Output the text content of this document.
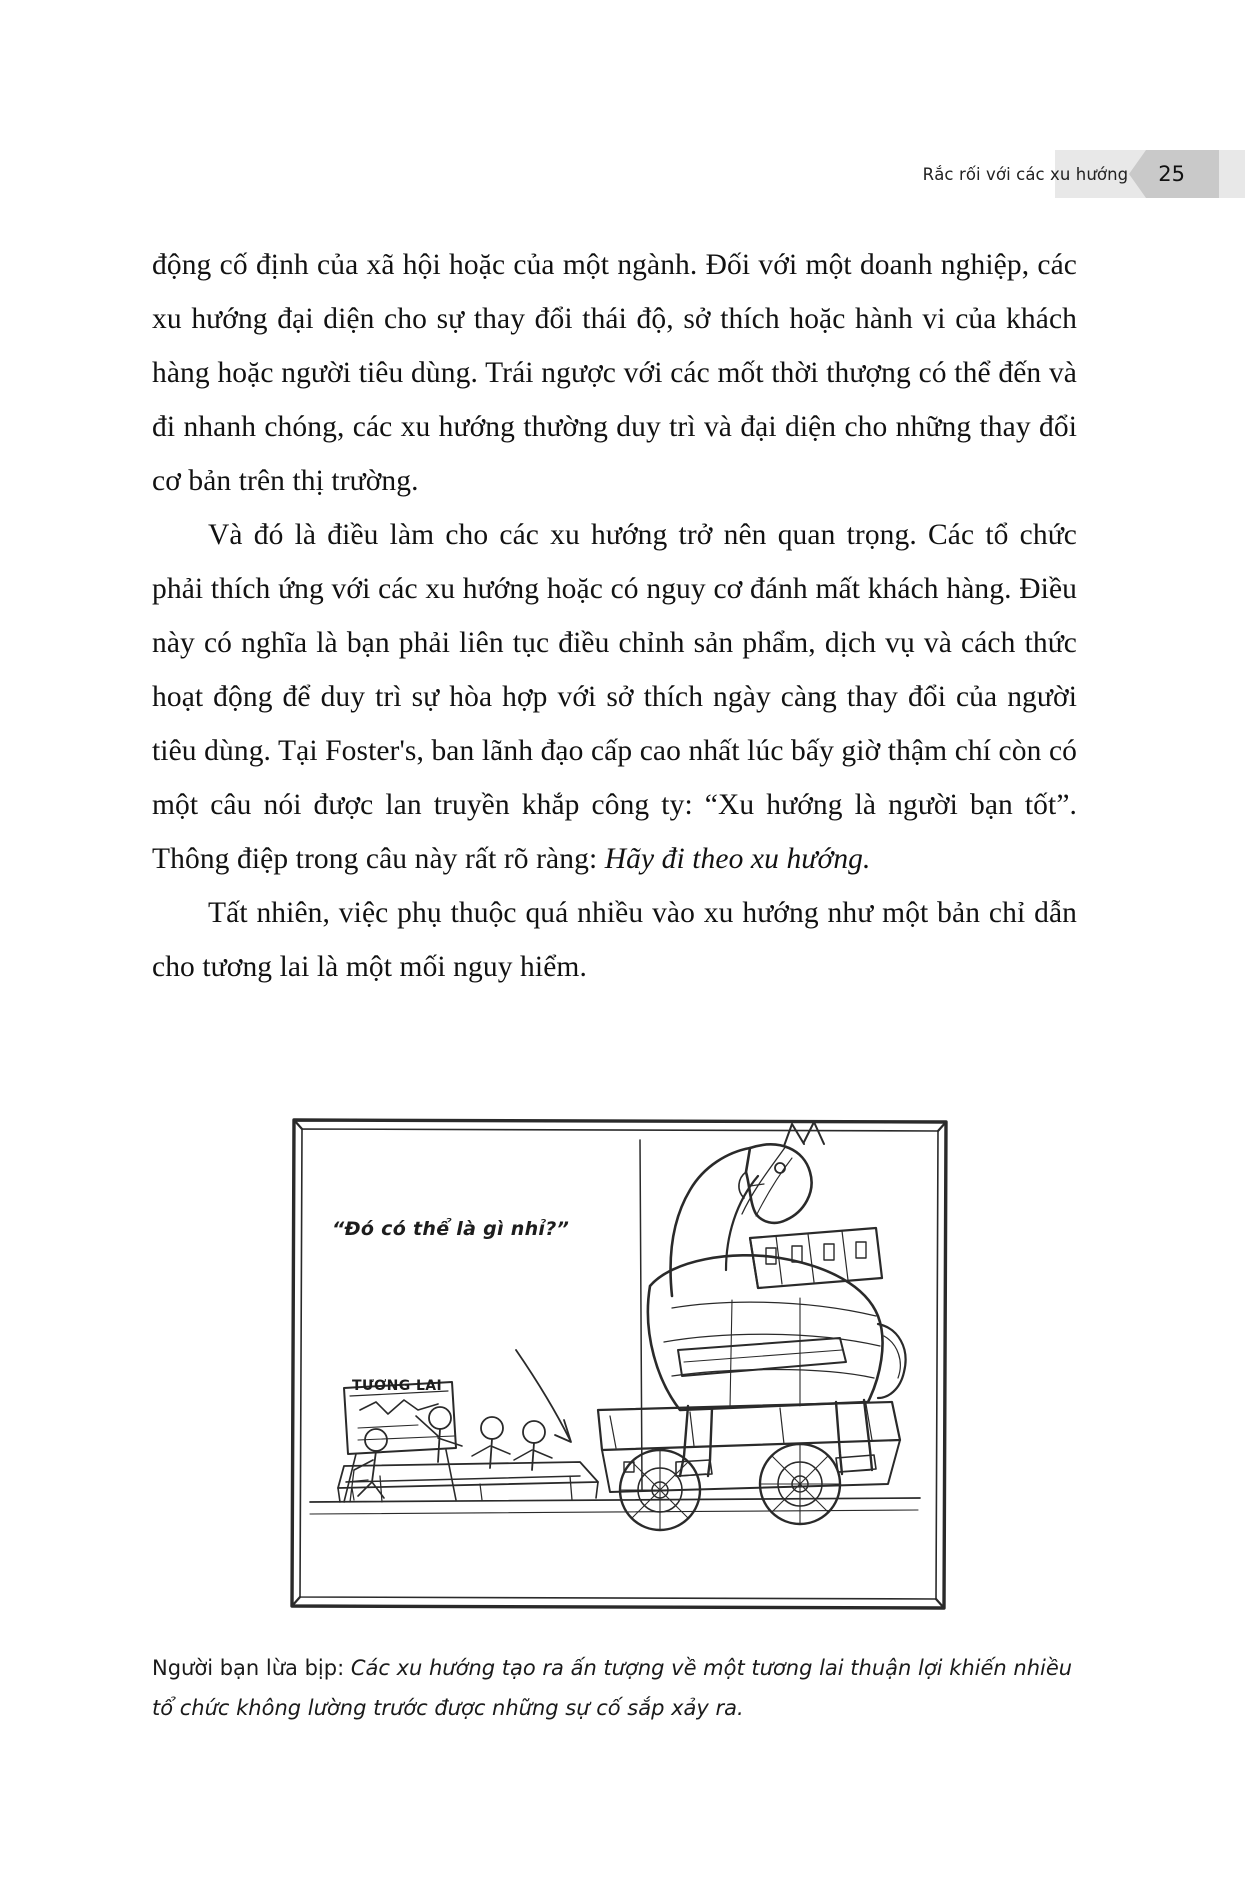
Rắc rối với các xu hướng	25

động cố định của xã hội hoặc của một ngành. Đối với một doanh nghiệp, các xu hướng đại diện cho sự thay đổi thái độ, sở thích hoặc hành vi của khách hàng hoặc người tiêu dùng. Trái ngược với các mốt thời thượng có thể đến và đi nhanh chóng, các xu hướng thường duy trì và đại diện cho những thay đổi cơ bản trên thị trường.

Và đó là điều làm cho các xu hướng trở nên quan trọng. Các tổ chức phải thích ứng với các xu hướng hoặc có nguy cơ đánh mất khách hàng. Điều này có nghĩa là bạn phải liên tục điều chỉnh sản phẩm, dịch vụ và cách thức hoạt động để duy trì sự hòa hợp với sở thích ngày càng thay đổi của người tiêu dùng. Tại Foster's, ban lãnh đạo cấp cao nhất lúc bấy giờ thậm chí còn có một câu nói được lan truyền khắp công ty: “Xu hướng là người bạn tốt”. Thông điệp trong câu này rất rõ ràng: Hãy đi theo xu hướng.

Tất nhiên, việc phụ thuộc quá nhiều vào xu hướng như một bản chỉ dẫn cho tương lai là một mối nguy hiểm.

“Đó có thể là gì nhỉ?”
TƯƠNG LAI
Người bạn lừa bịp: Các xu hướng tạo ra ấn tượng về một tương lai thuận lợi khiến nhiều tổ chức không lường trước được những sự cố sắp xảy ra.
